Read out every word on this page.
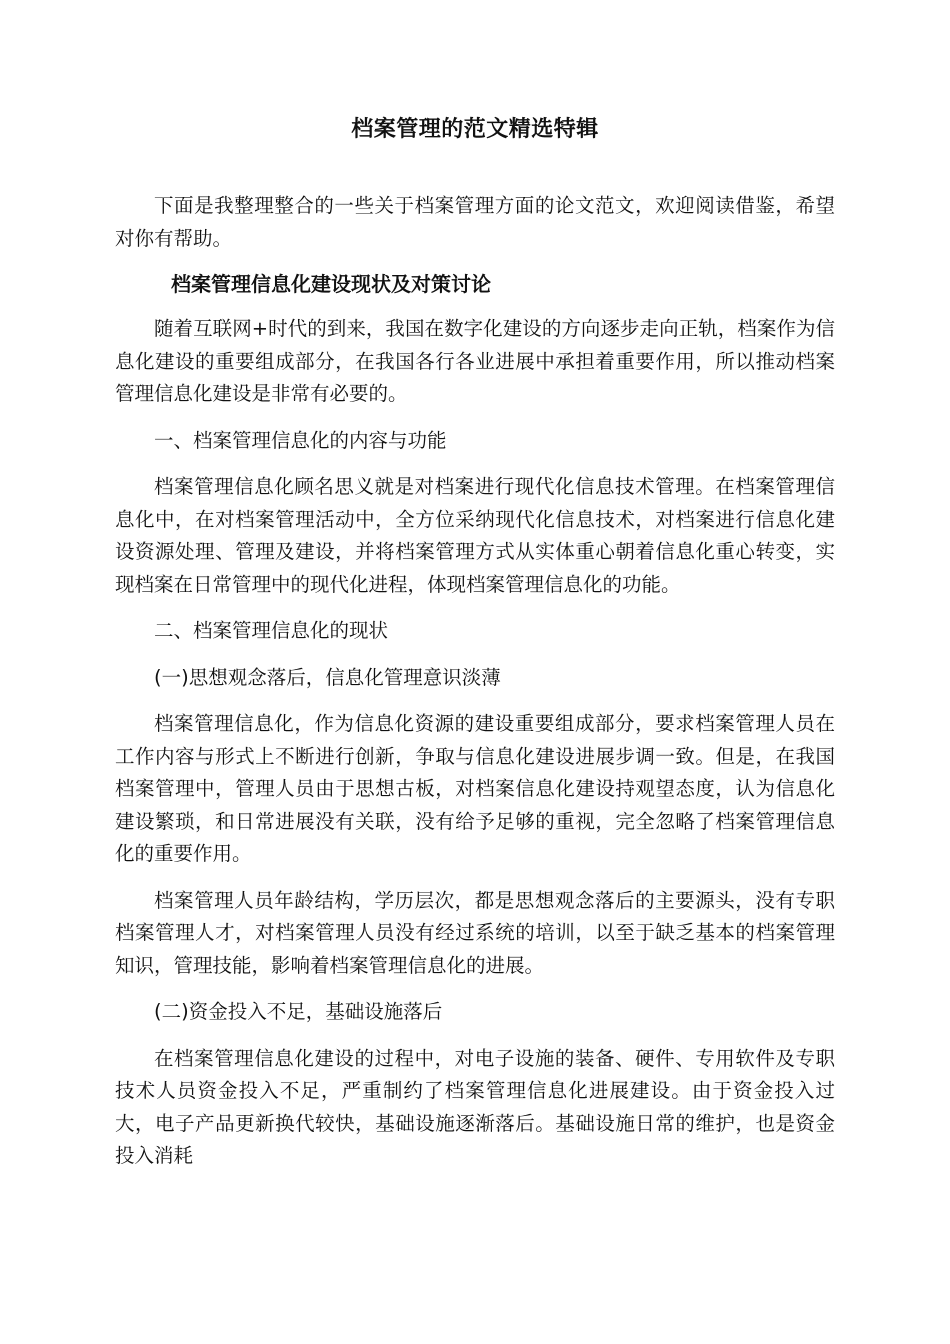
档案管理的范文精选特辑

下面是我整理整合的一些关于档案管理方面的论文范文，欢迎阅读借鉴，希望对你有帮助。

档案管理信息化建设现状及对策讨论

随着互联网+时代的到来，我国在数字化建设的方向逐步走向正轨，档案作为信息化建设的重要组成部分，在我国各行各业进展中承担着重要作用，所以推动档案管理信息化建设是非常有必要的。

一、档案管理信息化的内容与功能

档案管理信息化顾名思义就是对档案进行现代化信息技术管理。在档案管理信息化中，在对档案管理活动中，全方位采纳现代化信息技术，对档案进行信息化建设资源处理、管理及建设，并将档案管理方式从实体重心朝着信息化重心转变，实现档案在日常管理中的现代化进程，体现档案管理信息化的功能。

二、档案管理信息化的现状

(一)思想观念落后，信息化管理意识淡薄

档案管理信息化，作为信息化资源的建设重要组成部分，要求档案管理人员在工作内容与形式上不断进行创新，争取与信息化建设进展步调一致。但是，在我国档案管理中，管理人员由于思想古板，对档案信息化建设持观望态度，认为信息化建设繁琐，和日常进展没有关联，没有给予足够的重视，完全忽略了档案管理信息化的重要作用。

档案管理人员年龄结构，学历层次，都是思想观念落后的主要源头，没有专职档案管理人才，对档案管理人员没有经过系统的培训，以至于缺乏基本的档案管理知识，管理技能，影响着档案管理信息化的进展。

(二)资金投入不足，基础设施落后

在档案管理信息化建设的过程中，对电子设施的装备、硬件、专用软件及专职技术人员资金投入不足，严重制约了档案管理信息化进展建设。由于资金投入过大，电子产品更新换代较快，基础设施逐渐落后。基础设施日常的维护，也是资金投入消耗
